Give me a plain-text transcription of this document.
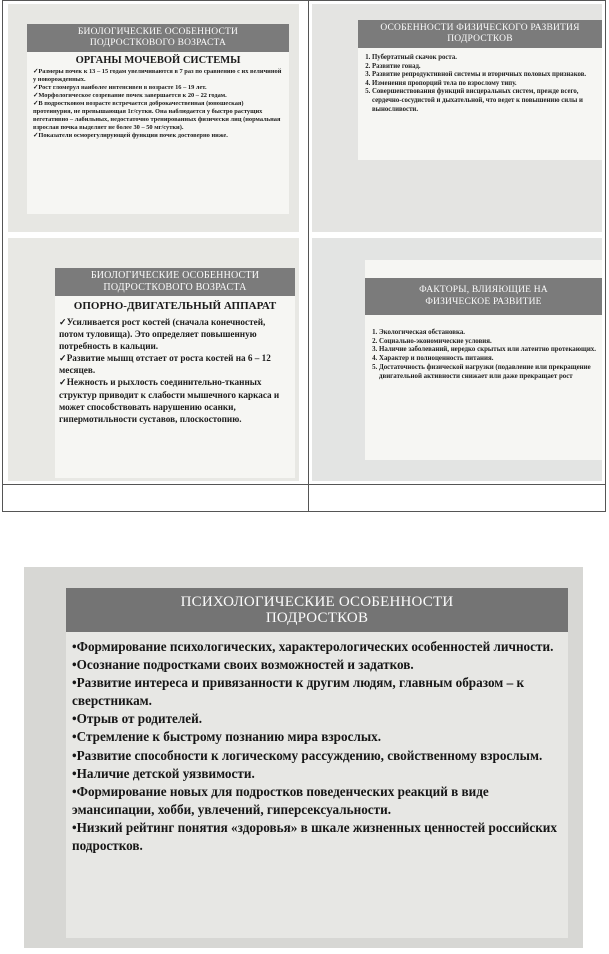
БИОЛОГИЧЕСКИЕ ОСОБЕННОСТИ
ПОДРОСТКОВОГО ВОЗРАСТА
ОРГАНЫ МОЧЕВОЙ СИСТЕМЫ

✓Размеры почек к 13 – 15 годам увеличиваются в 7 раз по сравнению с их величиной у новорожденных.

✓Рост гломерул наиболее интенсивен в возрасте 16 – 19 лет.

✓Морфологическое созревание почек завершается к 20 – 22 годам.

✓В подростковом возрасте встречается доброкачественная (юношеская) протеинурия, не превышающая 1г/сутки. Она наблюдается у быстро растущих вегетативно – лабильных, недостаточно тренированных физически лиц (нормальная взрослая почка выделяет не более 30 – 50 мг/сутки).

✓Показатели осморегулирующей функции почек достоверно ниже.

ОСОБЕННОСТИ ФИЗИЧЕСКОГО РАЗВИТИЯ
ПОДРОСТКОВ
1. Пубертатный скачок роста.
2. Развитие гонад.
3. Развитие репродуктивной системы и вторичных половых признаков.
4. Изменения пропорций тела по взрослому типу.
5. Совершенствования функций висцеральных систем, прежде всего, сердечно-сосудистой и дыхательной, что ведет к повышению силы и выносливости.
БИОЛОГИЧЕСКИЕ ОСОБЕННОСТИ
ПОДРОСТКОВОГО ВОЗРАСТА
ОПОРНО-ДВИГАТЕЛЬНЫЙ АППАРАТ

✓Усиливается рост костей (сначала конечностей, потом туловища). Это определяет повышенную потребность в кальции.

✓Развитие мышц отстает от роста костей на 6 – 12 месяцев.

✓Нежность и рыхлость соединительно-тканных структур приводит к слабости мышечного каркаса и может способствовать нарушению осанки, гипермотильности суставов, плоскостопию.

ФАКТОРЫ, ВЛИЯЮЩИЕ НА
ФИЗИЧЕСКОЕ РАЗВИТИЕ
1. Экологическая обстановка.
2. Социально-экономические условия.
3. Наличие заболеваний, нередко скрытых или латентно протекающих.
4. Характер и полноценность питания.
5. Достаточность физической нагрузки (подавление или прекращение двигательной активности снижает или даже прекращает рост
ПСИХОЛОГИЧЕСКИЕ ОСОБЕННОСТИ
ПОДРОСТКОВ

•Формирование психологических, характерологических особенностей личности.

•Осознание подростками своих возможностей и задатков.

•Развитие интереса и привязанности к другим людям, главным образом – к сверстникам.

•Отрыв от родителей.

•Стремление к быстрому познанию мира взрослых.

•Развитие способности к логическому рассуждению, свойственному взрослым.

•Наличие детской уязвимости.

•Формирование новых для подростков поведенческих реакций в виде эмансипации, хобби, увлечений, гиперсексуальности.

•Низкий рейтинг понятия «здоровья» в шкале жизненных ценностей российских подростков.
